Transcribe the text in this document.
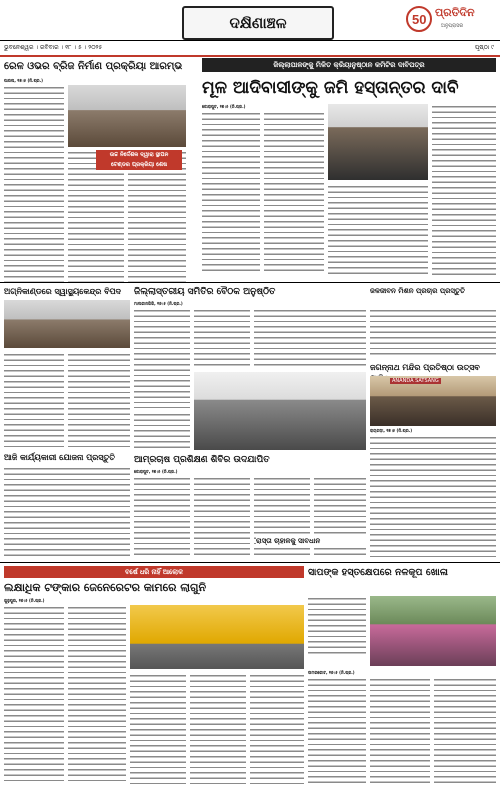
ଦକ୍ଷିଣାଞ୍ଚଳ	50 ପ୍ରତିଦିନ
ଅନୁପ୍ରାସର
ଭୁବନେଶ୍ୱର । ରବିବାର । ୧୮ । ୫ । ୨୦୨୫	ପୃଷ୍ଠା ୯
ରେଳ ଓଭର ବ୍ରିଜ ନିର୍ମାଣ ପ୍ରକ୍ରିୟା ଆରମ୍ଭ
ପାରଳା, ୧୭।୫ (ନି.ପ୍ର.)
ଉଚ୍ଚ ନିର୍ଦ୍ଦେଶକ ଦ୍ୱାରା ସ୍ଥାପନ
ଟେଣ୍ଡର ପ୍ରକ୍ରିୟା ଶେଷ
ଜିଲ୍ଲାପାଳଙ୍କୁ ମିଳିତ କ୍ରିୟାନୁଷ୍ଠାନ କମିଟିର ଦାବିପତ୍ର
ମୂଳ ଆଦିବାସୀଙ୍କୁ ଜମି ହସ୍ତାନ୍ତର ଦାବି
କୋରାପୁଟ, ୧୭।୫ (ନି.ପ୍ର.)
ଅଗ୍ନିକାଣ୍ଡରେ ସ୍ୱାସ୍ଥ୍ୟକେନ୍ଦ୍ର ବିପଦ
ଆଜି କାର୍ଯ୍ୟକାରୀ ଯୋଜନା ପ୍ରସ୍ତୁତି
ଜିଲ୍ଲାସ୍ତରୀୟ ସମିତିର ବୈଠକ ଅନୁଷ୍ଠିତ
ମାଲକାନଗିରି, ୧୭।୫ (ନି.ପ୍ର.)
ଜଳଜୀବନ ମିଶନ ପ୍ରଚାର ପ୍ରସ୍ତୁତି
ଜଗନ୍ନାଥ ମନ୍ଦିର ପ୍ରତିଷ୍ଠା ଉତ୍ସବ
ANANDA SATSANG
ରାୟଗଡ଼ା, ୧୭।୫ (ନି.ପ୍ର.)
ଆମ୍ରଚାଷ ପ୍ରଶିକ୍ଷଣ ଶିବିର ଉଦଯାପିତ
କୋରାପୁଟ, ୧୭।୫ (ନି.ପ୍ର.)
ବର୍ଷେ ଧରି ନାହିଁ ଆଲୋକ
ଲକ୍ଷାଧିକ ଟଙ୍କାର ଜେନେରେଟର କାମରେ ଲାଗୁନି
ଗୁନୁପୁର, ୧୭।୫ (ନି.ପ୍ର.)
ସାପଙ୍କ ହସ୍ତକ୍ଷେପରେ ନଳକୂପ ଖୋଳା
ଉମରକୋଟ, ୧୭।୫ (ନି.ପ୍ର.)
ରାସ୍ତା ଚାହାଳକୁ ସାବଧାନ
